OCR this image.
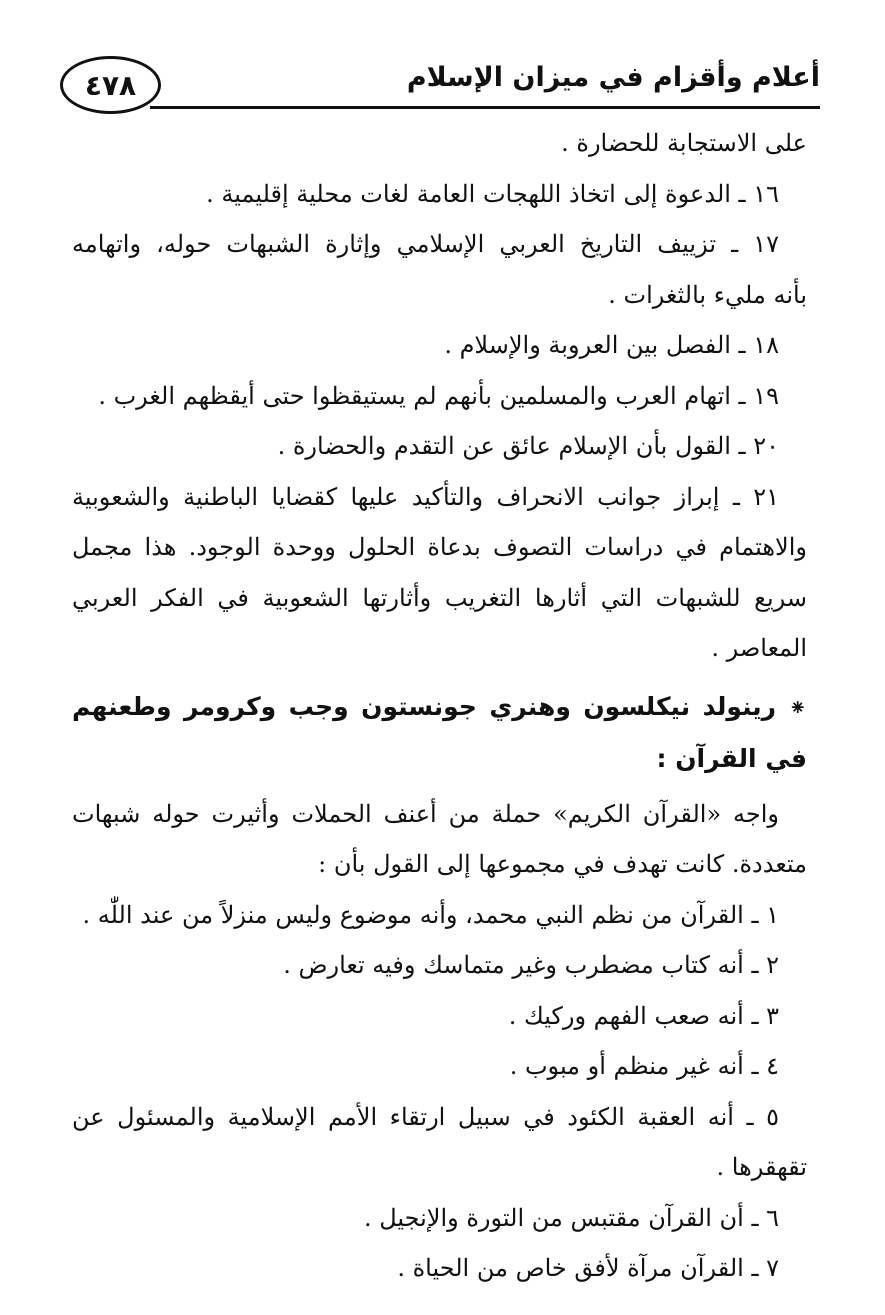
٤٧٨	أعلام وأقزام في ميزان الإسلام
على الاستجابة للحضارة .
١٦ ـ الدعوة إلى اتخاذ اللهجات العامة لغات محلية إقليمية .
١٧ ـ تزييف التاريخ العربي الإسلامي وإثارة الشبهات حوله، واتهامه
بأنه مليء بالثغرات .
١٨ ـ الفصل بين العروبة والإسلام .
١٩ ـ اتهام العرب والمسلمين بأنهم لم يستيقظوا حتى أيقظهم الغرب .
٢٠ ـ القول بأن الإسلام عائق عن التقدم والحضارة .
٢١ ـ إبراز جوانب الانحراف والتأكيد عليها كقضايا الباطنية والشعوبية
والاهتمام في دراسات التصوف بدعاة الحلول ووحدة الوجود. هذا مجمل
سريع للشبهات التي أثارها التغريب وأثارتها الشعوبية في الفكر العربي
المعاصر .
⁕ رينولد نيكلسون وهنري جونستون وجب وكرومر وطعنهم في القرآن :
واجه «القرآن الكريم» حملة من أعنف الحملات وأثيرت حوله شبهات
متعددة. كانت تهدف في مجموعها إلى القول بأن :
١ ـ القرآن من نظم النبي محمد، وأنه موضوع وليس منزلاً من عند اللّٰه .
٢ ـ أنه كتاب مضطرب وغير متماسك وفيه تعارض .
٣ ـ أنه صعب الفهم وركيك .
٤ ـ أنه غير منظم أو مبوب .
٥ ـ أنه العقبة الكئود في سبيل ارتقاء الأمم الإسلامية والمسئول عن
تقهقرها .
٦ ـ أن القرآن مقتبس من التورة والإنجيل .
٧ ـ القرآن مرآة لأفق خاص من الحياة .
